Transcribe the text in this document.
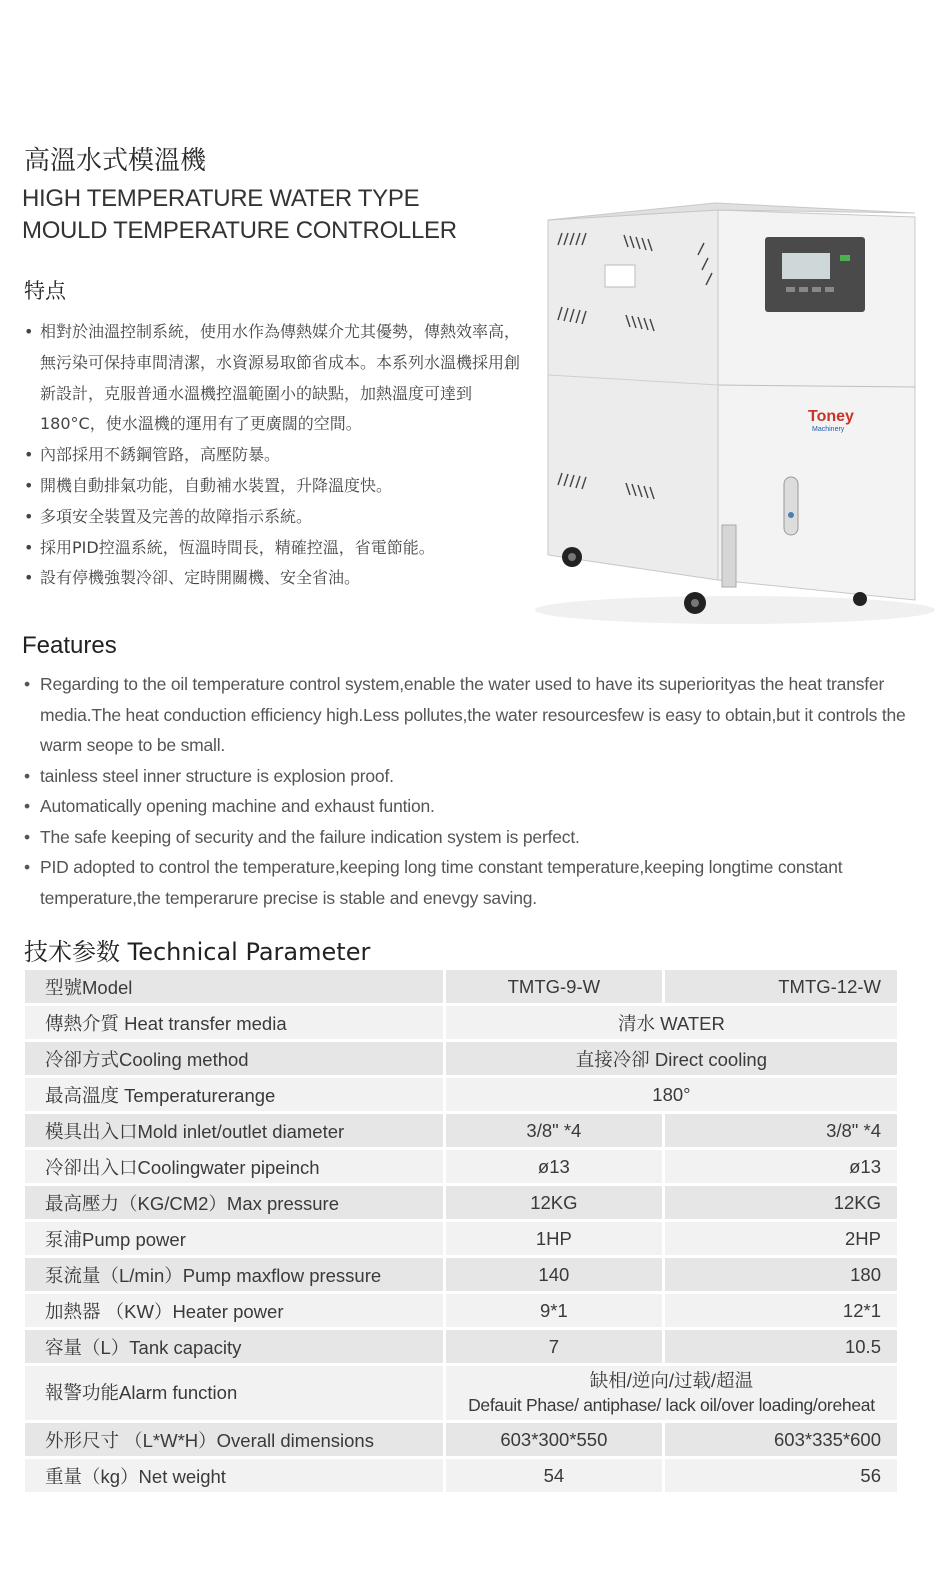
高溫水式模溫機
HIGH TEMPERATURE WATER TYPE
MOULD TEMPERATURE CONTROLLER
特点
• 相對於油溫控制系統，使用水作為傳熱媒介尤其優勢，傳熱效率高，無污染可保持車間清潔，水資源易取節省成本。本系列水溫機採用創新設計，克服普通水溫機控溫範圍小的缺點，加熱溫度可達到180°C，使水溫機的運用有了更廣闊的空間。
• 內部採用不銹鋼管路，高壓防暴。
• 開機自動排氣功能，自動補水裝置，升降溫度快。
• 多項安全裝置及完善的故障指示系統。
• 採用PID控溫系統，恆溫時間長，精確控溫，省電節能。
• 設有停機強製冷卻、定時開關機、安全省油。
Toney
Machinery
Features
• Regarding to the oil temperature control system,enable the water used to have its superiorityas the heat transfer media.The heat conduction efficiency high.Less pollutes,the water resourcesfew is easy to obtain,but it controls the warm seope to be small.
• tainless steel inner structure is explosion proof.
• Automatically opening machine and exhaust funtion.
• The safe keeping of security and the failure indication system is perfect.
• PID adopted to control the temperature,keeping long time constant temperature,keeping longtime constant temperature,the temperarure precise is stable and enevgy saving.
技术参数 Technical Parameter
型號Model	TMTG-9-W	TMTG-12-W
傳熱介質 Heat transfer media	清水 WATER	
冷卻方式Cooling method	直接冷卻 Direct cooling	
最高溫度 Temperaturerange	180°	
模具出入口Mold inlet/outlet diameter	3/8" *4	3/8" *4
冷卻出入口Coolingwater pipeinch	ø13	ø13
最高壓力（KG/CM2）Max pressure	12KG	12KG
泵浦Pump power	1HP	2HP
泵流量（L/min）Pump maxflow pressure	140	180
加熱器 （KW）Heater power	9*1	12*1
容量（L）Tank capacity	7	10.5
報警功能Alarm function	缺相/逆向/过载/超温
Defauit Phase/ antiphase/ lack oil/over loading/oreheat	

外形尺寸 （L*W*H）Overall dimensions	603*300*550	603*335*600
重量（kg）Net weight	54	56
